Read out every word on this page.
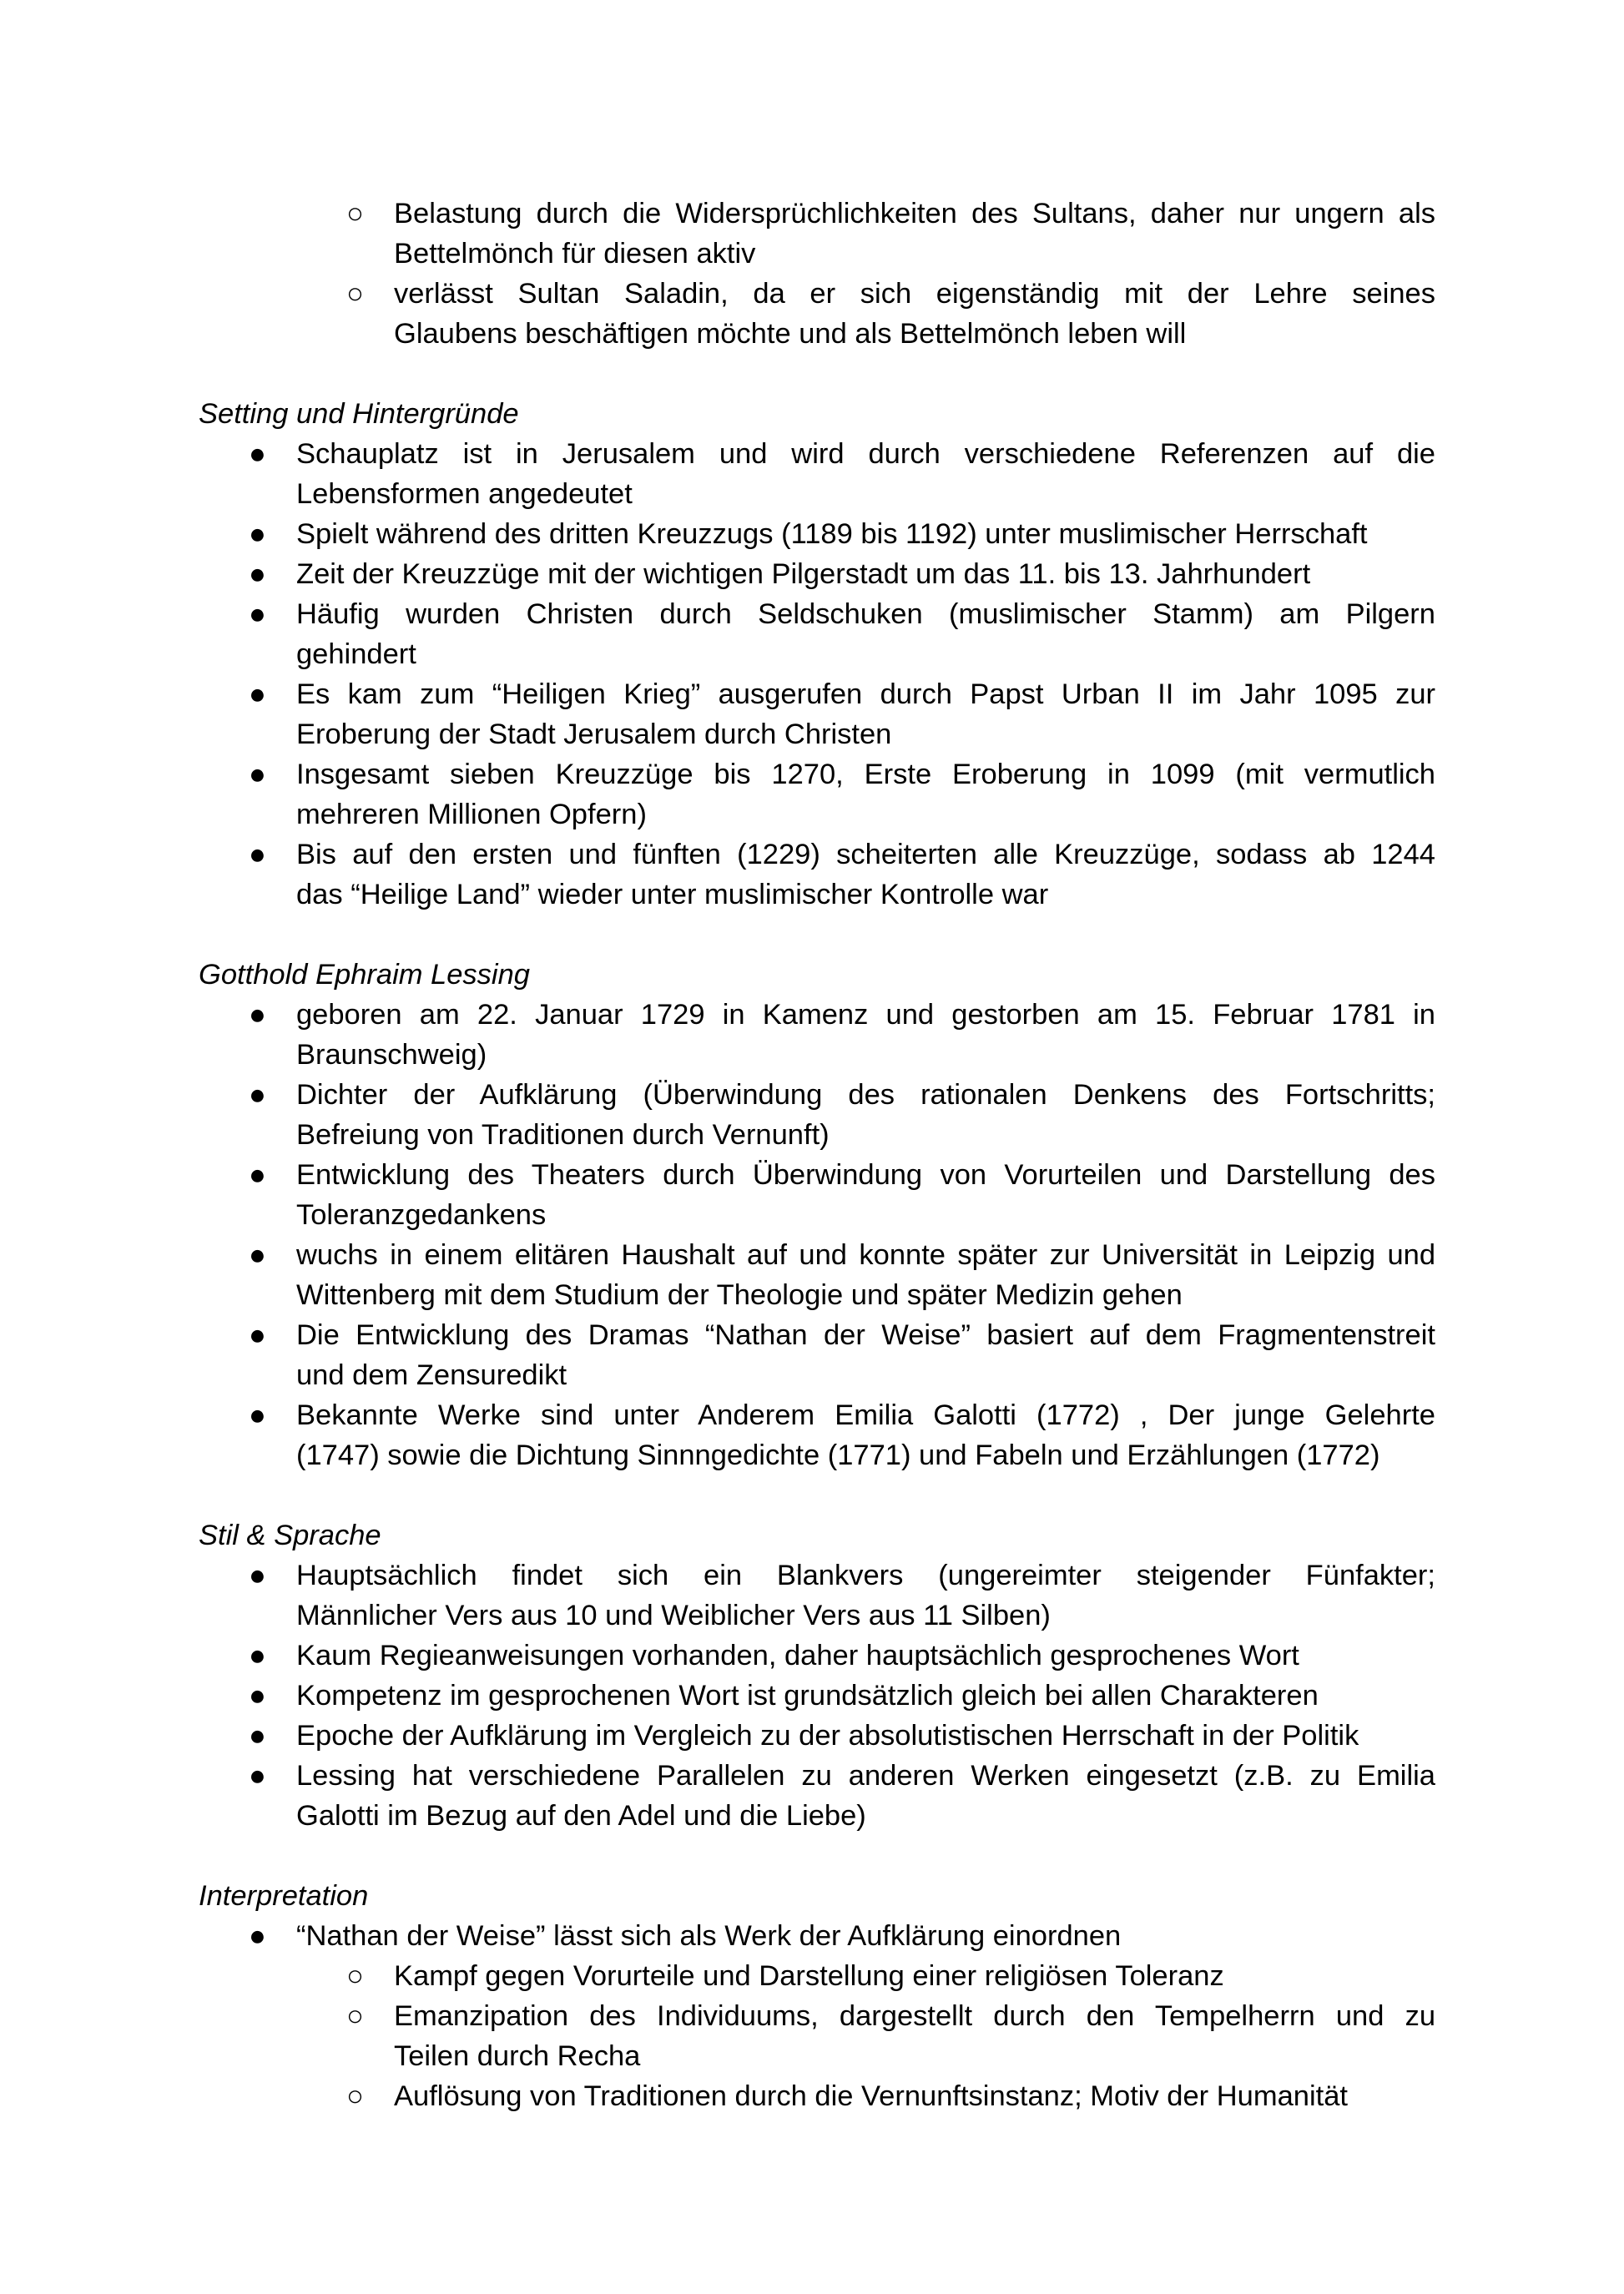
○ Belastung durch die Widersprüchlichkeiten des Sultans, daher nur ungern als
Bettelmönch für diesen aktiv
○ verlässt Sultan Saladin, da er sich eigenständig mit der Lehre seines
Glaubens beschäftigen möchte und als Bettelmönch leben will
Setting und Hintergründe
● Schauplatz ist in Jerusalem und wird durch verschiedene Referenzen auf die
Lebensformen angedeutet
● Spielt während des dritten Kreuzzugs (1189 bis 1192) unter muslimischer Herrschaft
● Zeit der Kreuzzüge mit der wichtigen Pilgerstadt um das 11. bis 13. Jahrhundert
● Häufig wurden Christen durch Seldschuken (muslimischer Stamm) am Pilgern
gehindert
● Es kam zum “Heiligen Krieg” ausgerufen durch Papst Urban II im Jahr 1095 zur
Eroberung der Stadt Jerusalem durch Christen
● Insgesamt sieben Kreuzzüge bis 1270, Erste Eroberung in 1099 (mit vermutlich
mehreren Millionen Opfern)
● Bis auf den ersten und fünften (1229) scheiterten alle Kreuzzüge, sodass ab 1244
das “Heilige Land” wieder unter muslimischer Kontrolle war
Gotthold Ephraim Lessing
● geboren am 22. Januar 1729 in Kamenz und gestorben am 15. Februar 1781 in
Braunschweig)
● Dichter der Aufklärung (Überwindung des rationalen Denkens des Fortschritts;
Befreiung von Traditionen durch Vernunft)
● Entwicklung des Theaters durch Überwindung von Vorurteilen und Darstellung des
Toleranzgedankens
● wuchs in einem elitären Haushalt auf und konnte später zur Universität in Leipzig und
Wittenberg mit dem Studium der Theologie und später Medizin gehen
● Die Entwicklung des Dramas “Nathan der Weise” basiert auf dem Fragmentenstreit
und dem Zensuredikt
● Bekannte Werke sind unter Anderem Emilia Galotti (1772) , Der junge Gelehrte
(1747) sowie die Dichtung Sinnngedichte (1771) und Fabeln und Erzählungen (1772)
Stil & Sprache
● Hauptsächlich findet sich ein Blankvers (ungereimter steigender Fünfakter;
Männlicher Vers aus 10 und Weiblicher Vers aus 11 Silben)
● Kaum Regieanweisungen vorhanden, daher hauptsächlich gesprochenes Wort
● Kompetenz im gesprochenen Wort ist grundsätzlich gleich bei allen Charakteren
● Epoche der Aufklärung im Vergleich zu der absolutistischen Herrschaft in der Politik
● Lessing hat verschiedene Parallelen zu anderen Werken eingesetzt (z.B. zu Emilia
Galotti im Bezug auf den Adel und die Liebe)
Interpretation
● “Nathan der Weise” lässt sich als Werk der Aufklärung einordnen
○ Kampf gegen Vorurteile und Darstellung einer religiösen Toleranz
○ Emanzipation des Individuums, dargestellt durch den Tempelherrn und zu
Teilen durch Recha
○ Auflösung von Traditionen durch die Vernunftsinstanz; Motiv der Humanität
